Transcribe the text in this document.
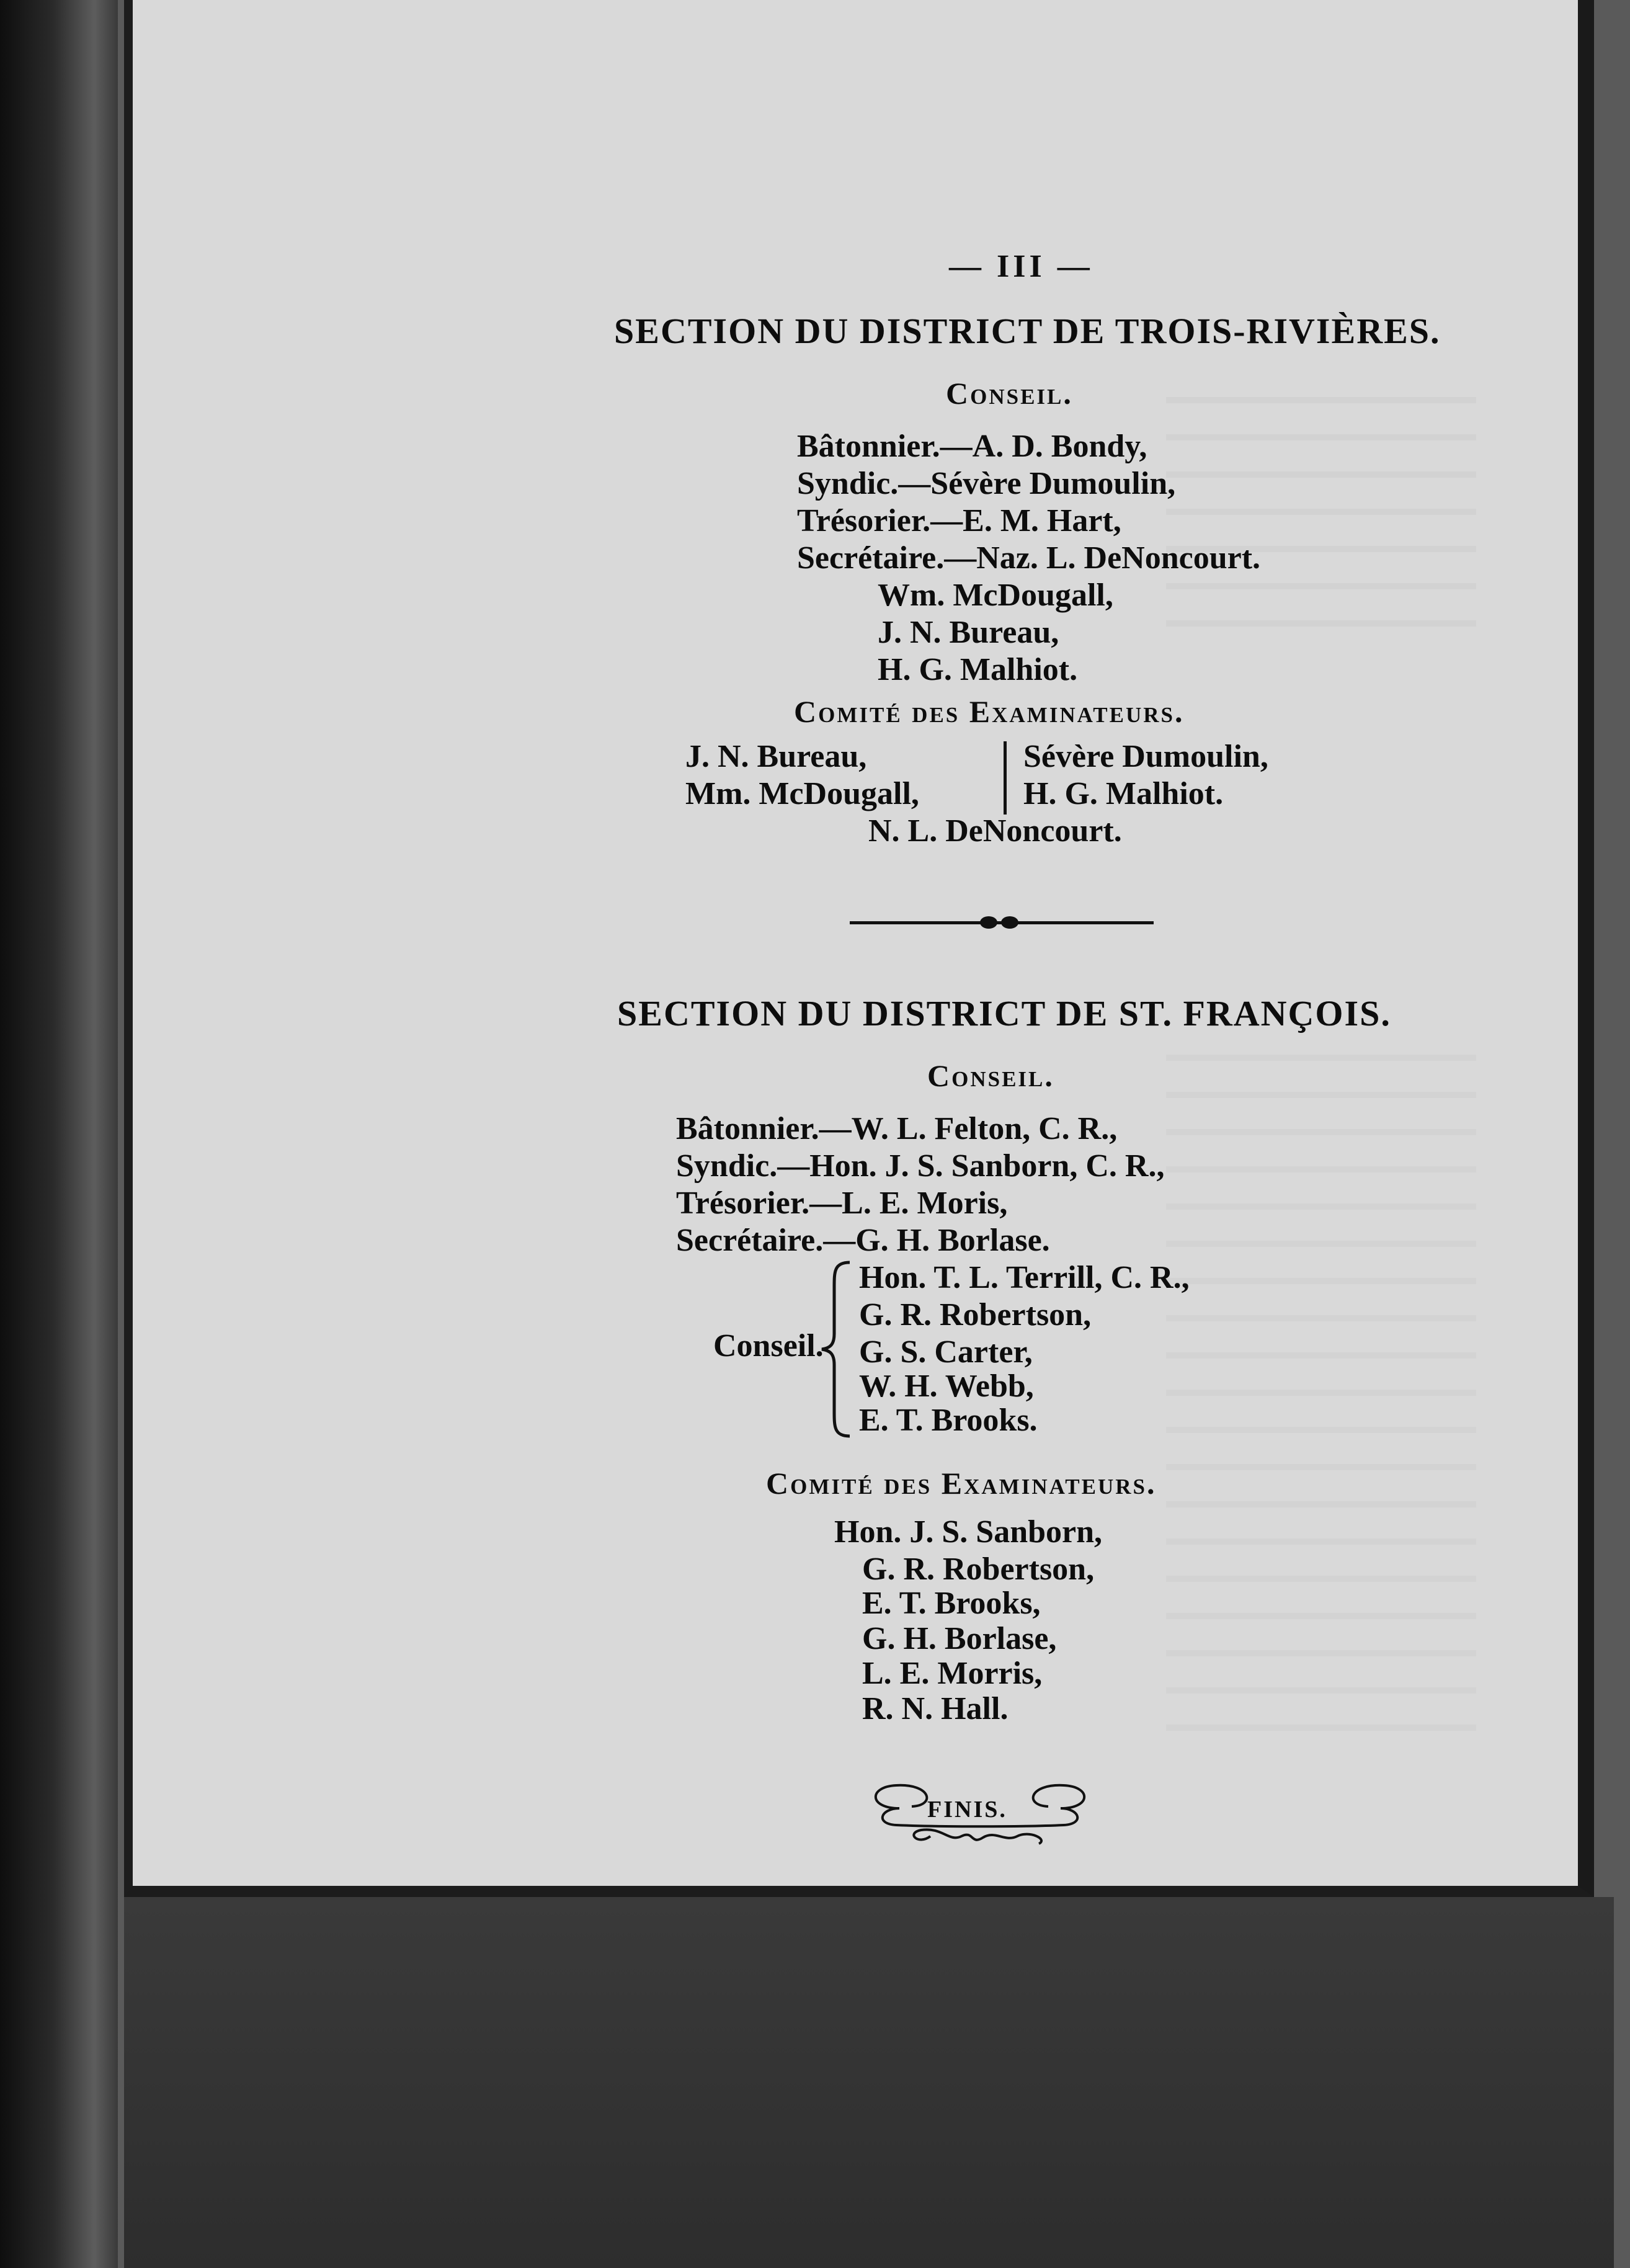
— III —
SECTION DU DISTRICT DE TROIS-RIVIÈRES.
Conseil.
Bâtonnier.—A. D. Bondy,
Syndic.—Sévère Dumoulin,
Trésorier.—E. M. Hart,
Secrétaire.—Naz. L. DeNoncourt.
Wm. McDougall,
J. N. Bureau,
H. G. Malhiot.
Comité des Examinateurs.
J. N. Bureau,
Mm. McDougall,
Sévère Dumoulin,
H. G. Malhiot.
N. L. DeNoncourt.
SECTION DU DISTRICT DE ST. FRANÇOIS.
Conseil.
Bâtonnier.—W. L. Felton, C. R.,
Syndic.—Hon. J. S. Sanborn, C. R.,
Trésorier.—L. E. Moris,
Secrétaire.—G. H. Borlase.
Conseil.
Hon. T. L. Terrill, C. R.,
G. R. Robertson,
G. S. Carter,
W. H. Webb,
E. T. Brooks.
Comité des Examinateurs.
Hon. J. S. Sanborn,
G. R. Robertson,
E. T. Brooks,
G. H. Borlase,
L. E. Morris,
R. N. Hall.
FINIS.
